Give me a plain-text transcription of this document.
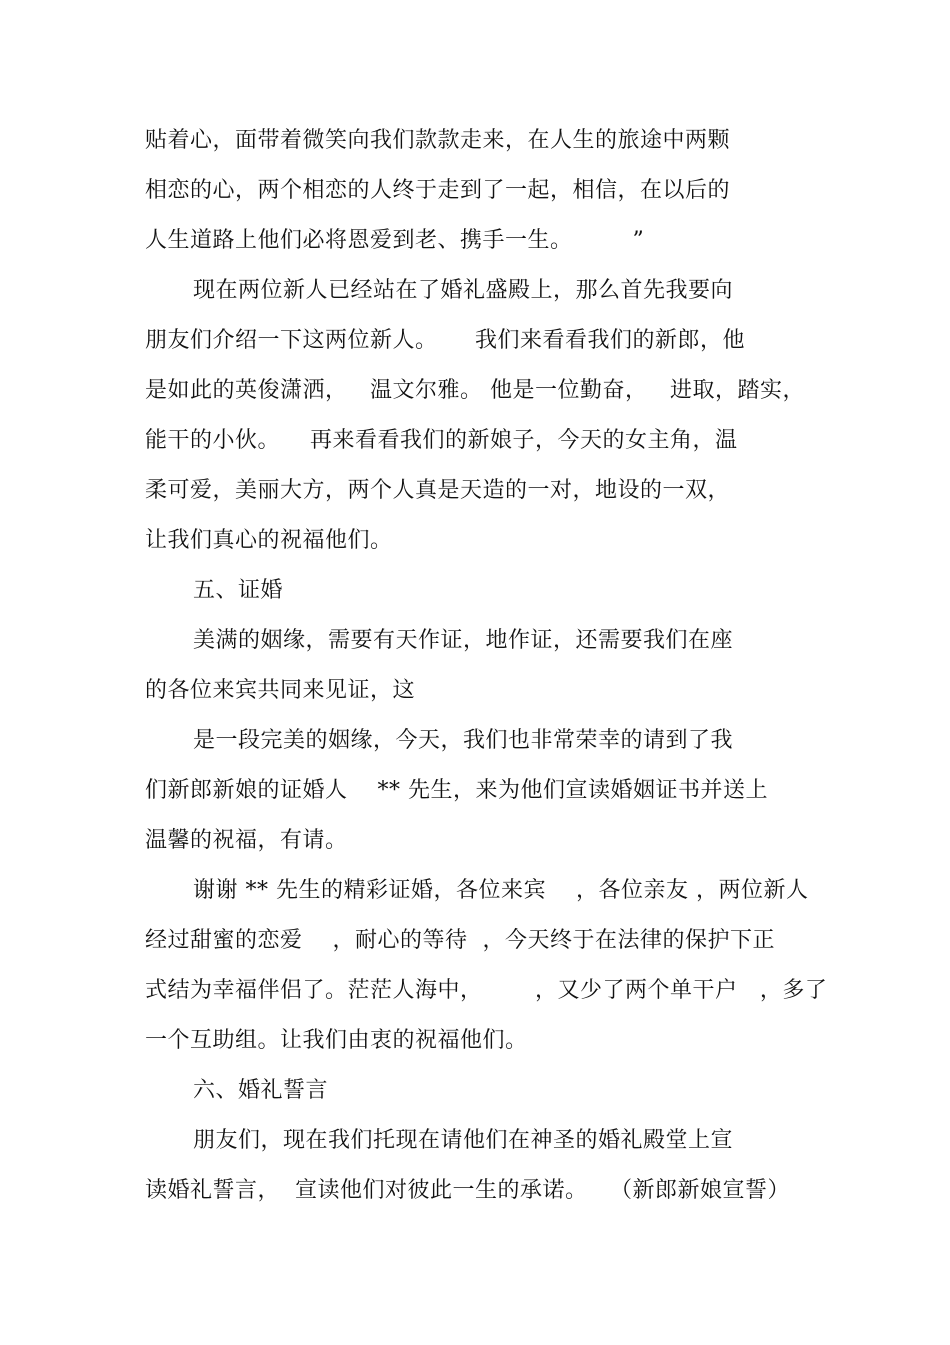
贴着心，面带着微笑向我们款款走来，在人生的旅途中两颗
相恋的心，两个相恋的人终于走到了一起，相信，在以后的
人生道路上他们必将恩爱到老、携手一生。        ”
现在两位新人已经站在了婚礼盛殿上，那么首先我要向
朋友们介绍一下这两位新人。     我们来看看我们的新郎，他
是如此的英俊潇洒，   温文尔雅。 他是一位勤奋，   进取，踏实，
能干的小伙。    再来看看我们的新娘子，今天的女主角，温
柔可爱，美丽大方，两个人真是天造的一对，地设的一双，
让我们真心的祝福他们。
五、证婚
美满的姻缘，需要有天作证，地作证，还需要我们在座
的各位来宾共同来见证，这
是一段完美的姻缘，今天，我们也非常荣幸的请到了我
们新郎新娘的证婚人    ** 先生，来为他们宣读婚姻证书并送上
温馨的祝福，有请。
谢谢 ** 先生的精彩证婚，各位来宾    ，各位亲友 ，两位新人
经过甜蜜的恋爱    ，耐心的等待  ，今天终于在法律的保护下正
式结为幸福伴侣了。茫茫人海中，       ，又少了两个单干户   ，多了
一个互助组。让我们由衷的祝福他们。
六、婚礼誓言
朋友们，现在我们托现在请他们在神圣的婚礼殿堂上宣
读婚礼誓言，  宣读他们对彼此一生的承诺。   （新郎新娘宣誓）
